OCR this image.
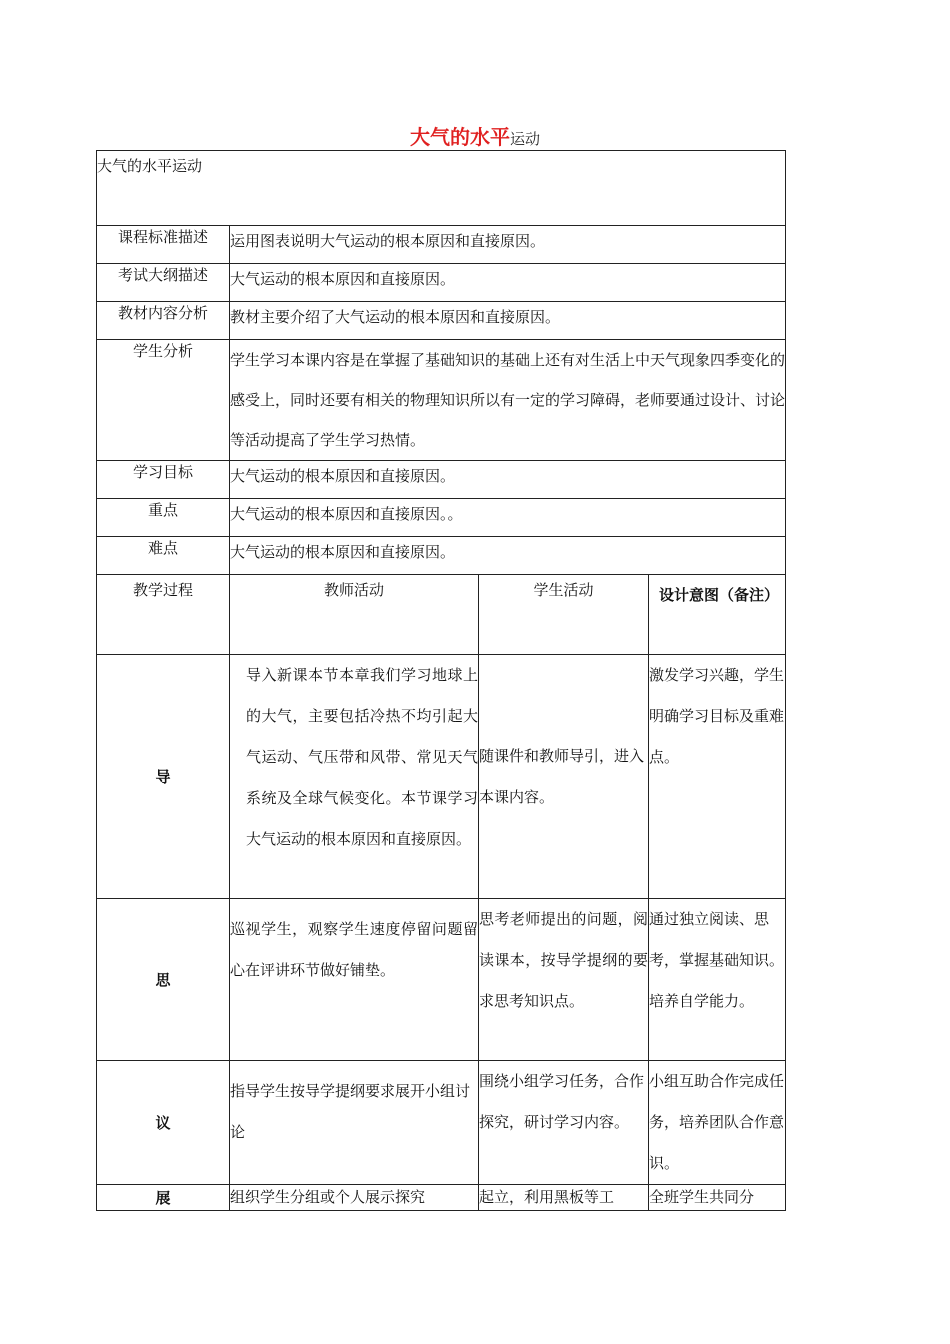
大气的水平运动
大气的水平运动			
课程标准描述	运用图表说明大气运动的根本原因和直接原因。		
考试大纲描述	大气运动的根本原因和直接原因。		
教材内容分析	教材主要介绍了大气运动的根本原因和直接原因。		
学生分析	学生学习本课内容是在掌握了基础知识的基础上还有对生活上中天气现象四季变化的感受上，同时还要有相关的物理知识所以有一定的学习障碍，老师要通过设计、讨论等活动提高了学生学习热情。		
学习目标	大气运动的根本原因和直接原因。		
重点	大气运动的根本原因和直接原因。。		
难点	大气运动的根本原因和直接原因。		
教学过程	教师活动	学生活动	设计意图（备注）
导	导入新课本节本章我们学习地球上的大气，主要包括冷热不均引起大气运动、气压带和风带、常见天气系统及全球气候变化。本节课学习大气运动的根本原因和直接原因。	随课件和教师导引，进入本课内容。	激发学习兴趣，学生明确学习目标及重难点。
思	巡视学生，观察学生速度停留问题留心在评讲环节做好铺垫。	思考老师提出的问题，阅读课本，按导学提纲的要求思考知识点。	通过独立阅读、思考，掌握基础知识。培养自学能力。
议	指导学生按导学提纲要求展开小组讨论	围绕小组学习任务，合作探究，研讨学习内容。	小组互助合作完成任务，培养团队合作意识。
展	组织学生分组或个人展示探究	起立，利用黑板等工	全班学生共同分
